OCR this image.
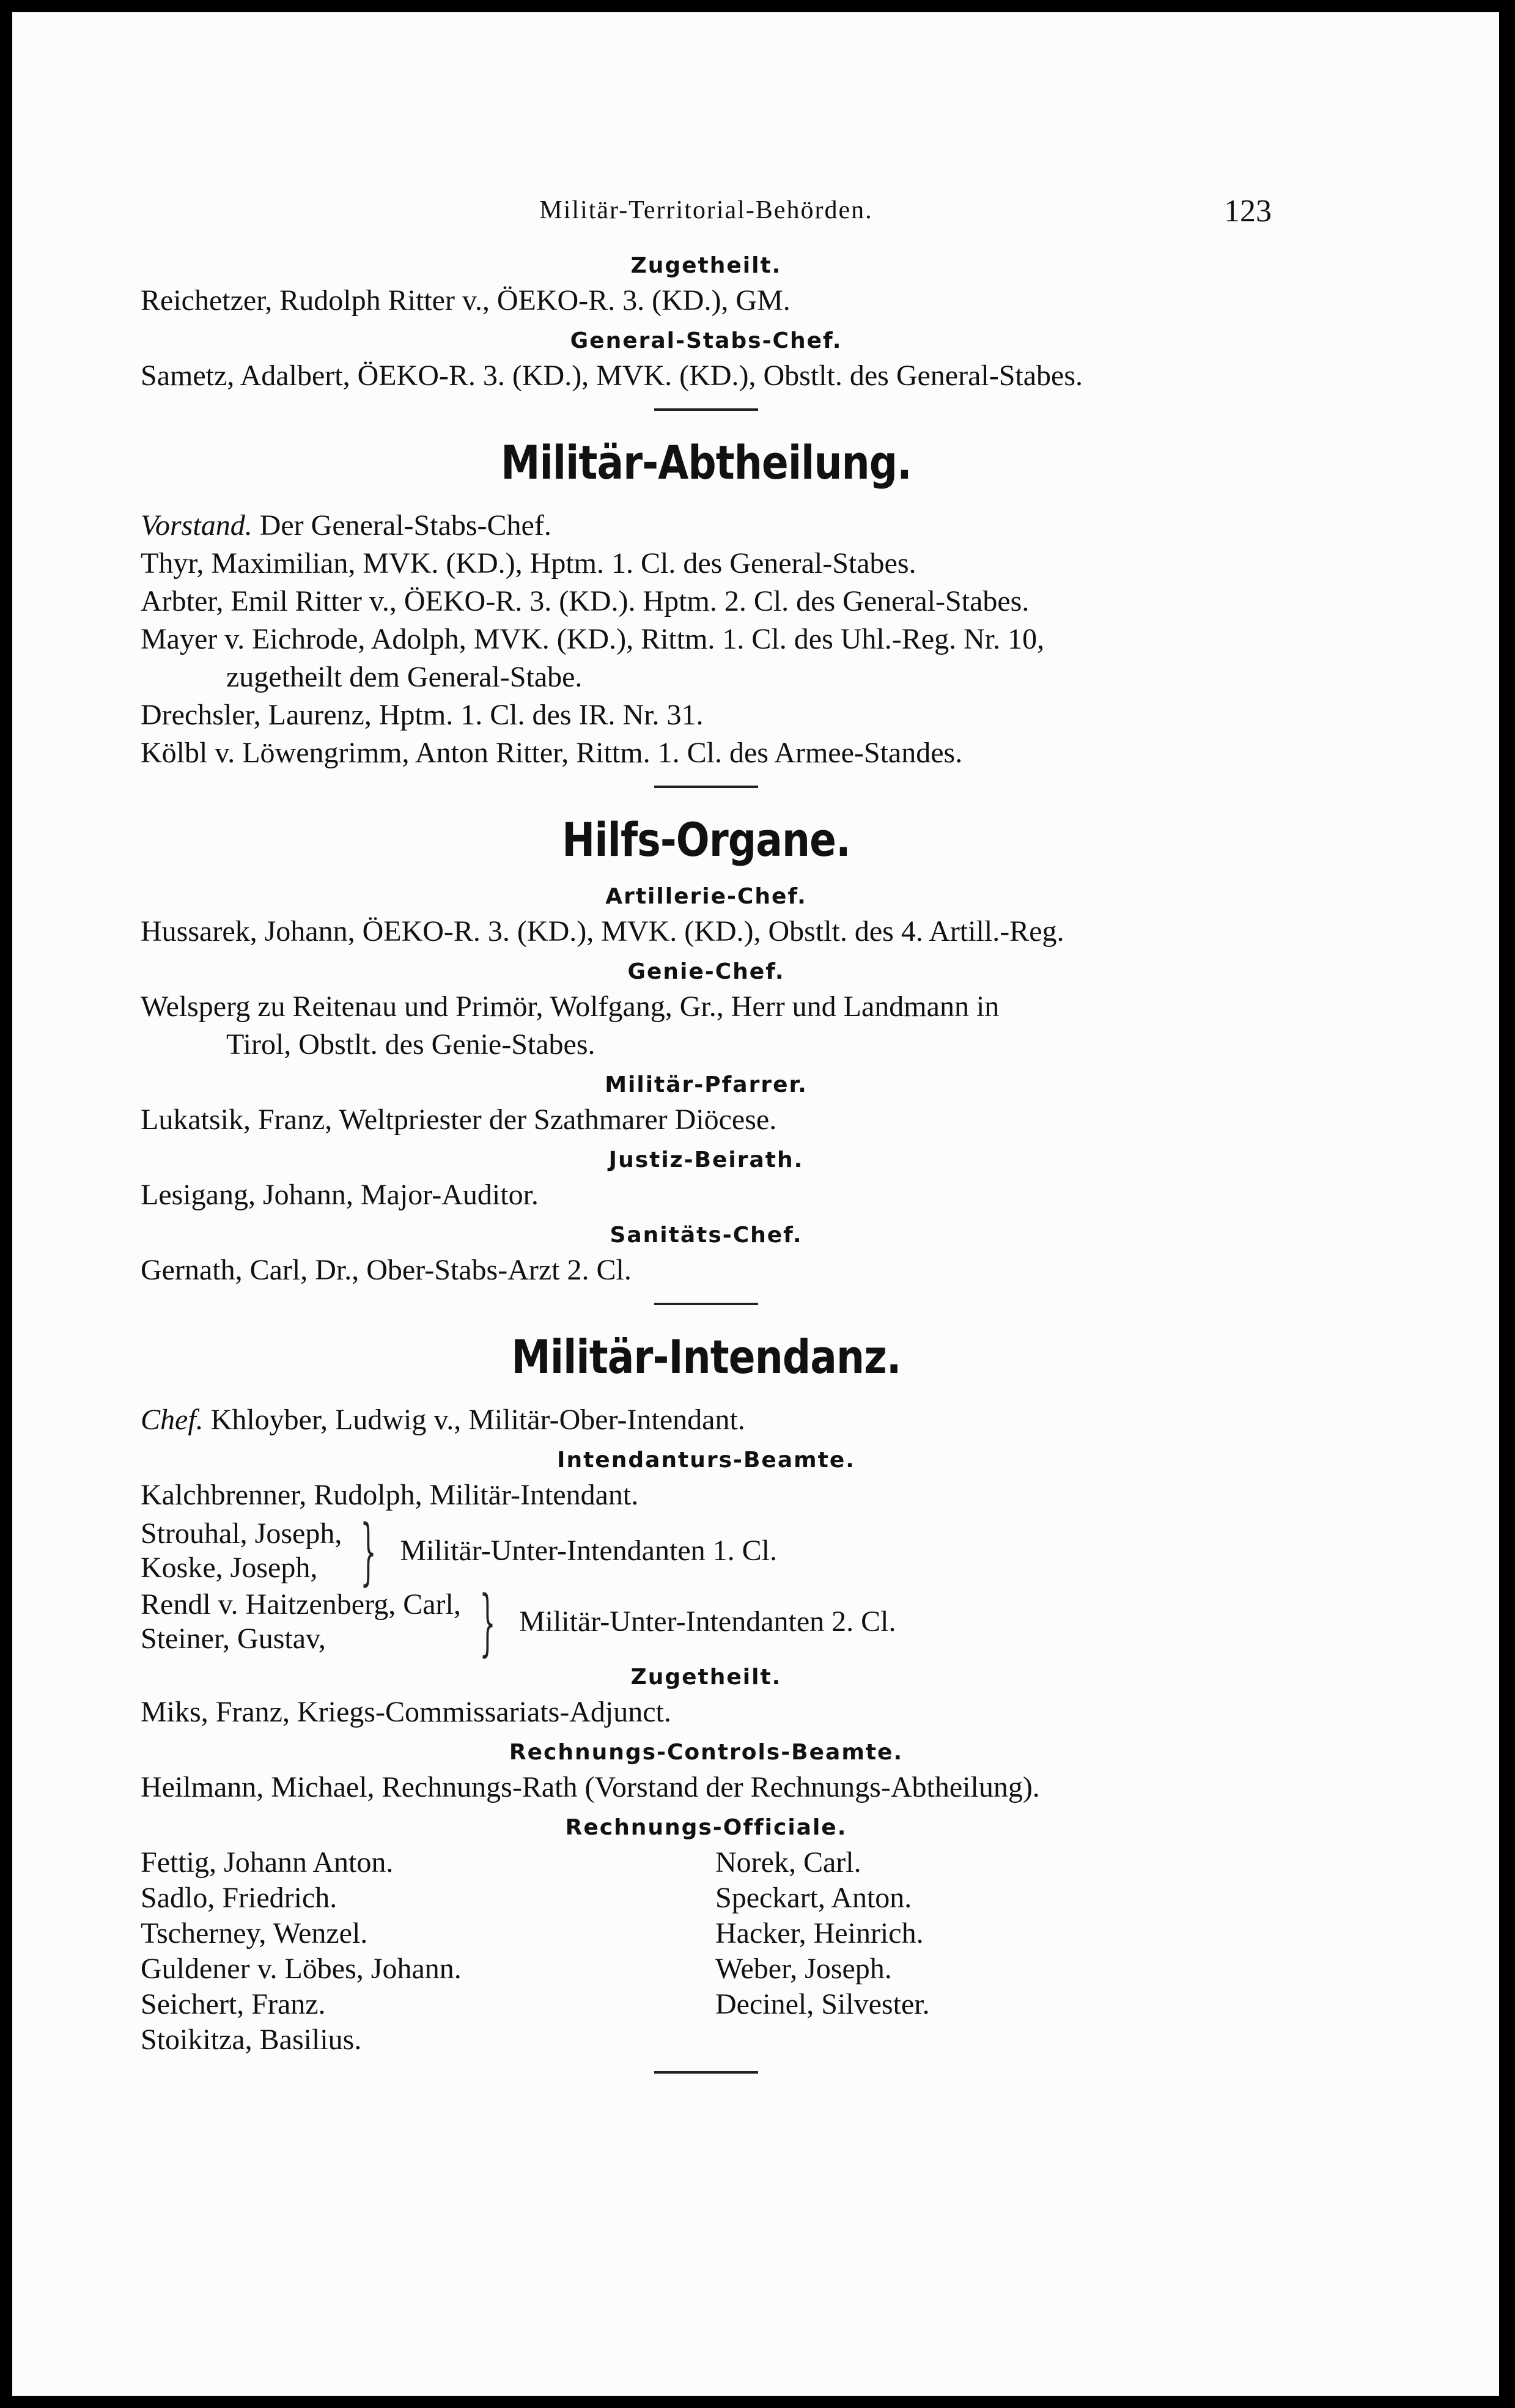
Militär-Territorial-Behörden.	123
Zugetheilt.
Reichetzer, Rudolph Ritter v., ÖEKO-R. 3. (KD.), GM.
General-Stabs-Chef.
Sametz, Adalbert, ÖEKO-R. 3. (KD.), MVK. (KD.), Obstlt. des General-Stabes.
Militär-Abtheilung.
Vorstand. Der General-Stabs-Chef.
Thyr, Maximilian, MVK. (KD.), Hptm. 1. Cl. des General-Stabes.
Arbter, Emil Ritter v., ÖEKO-R. 3. (KD.). Hptm. 2. Cl. des General-Stabes.
Mayer v. Eichrode, Adolph, MVK. (KD.), Rittm. 1. Cl. des Uhl.-Reg. Nr. 10,
zugetheilt dem General-Stabe.
Drechsler, Laurenz, Hptm. 1. Cl. des IR. Nr. 31.
Kölbl v. Löwengrimm, Anton Ritter, Rittm. 1. Cl. des Armee-Standes.
Hilfs-Organe.
Artillerie-Chef.
Hussarek, Johann, ÖEKO-R. 3. (KD.), MVK. (KD.), Obstlt. des 4. Artill.-Reg.
Genie-Chef.
Welsperg zu Reitenau und Primör, Wolfgang, Gr., Herr und Landmann in
Tirol, Obstlt. des Genie-Stabes.
Militär-Pfarrer.
Lukatsik, Franz, Weltpriester der Szathmarer Diöcese.
Justiz-Beirath.
Lesigang, Johann, Major-Auditor.
Sanitäts-Chef.
Gernath, Carl, Dr., Ober-Stabs-Arzt 2. Cl.
Militär-Intendanz.
Chef. Khloyber, Ludwig v., Militär-Ober-Intendant.
Intendanturs-Beamte.
Kalchbrenner, Rudolph, Militär-Intendant.
Strouhal, Joseph,
Koske, Joseph, } Militär-Unter-Intendanten 1. Cl.
Rendl v. Haitzenberg, Carl,
Steiner, Gustav,	} Militär-Unter-Intendanten 2. Cl.
Zugetheilt.
Miks, Franz, Kriegs-Commissariats-Adjunct.
Rechnungs-Controls-Beamte.
Heilmann, Michael, Rechnungs-Rath (Vorstand der Rechnungs-Abtheilung).
Rechnungs-Officiale.
Fettig, Johann Anton.
Sadlo, Friedrich.
Tscherney, Wenzel.
Guldener v. Löbes, Johann.
Seichert, Franz.
Stoikitza, Basilius.
Norek, Carl.
Speckart, Anton.
Hacker, Heinrich.
Weber, Joseph.
Decinel, Silvester.
